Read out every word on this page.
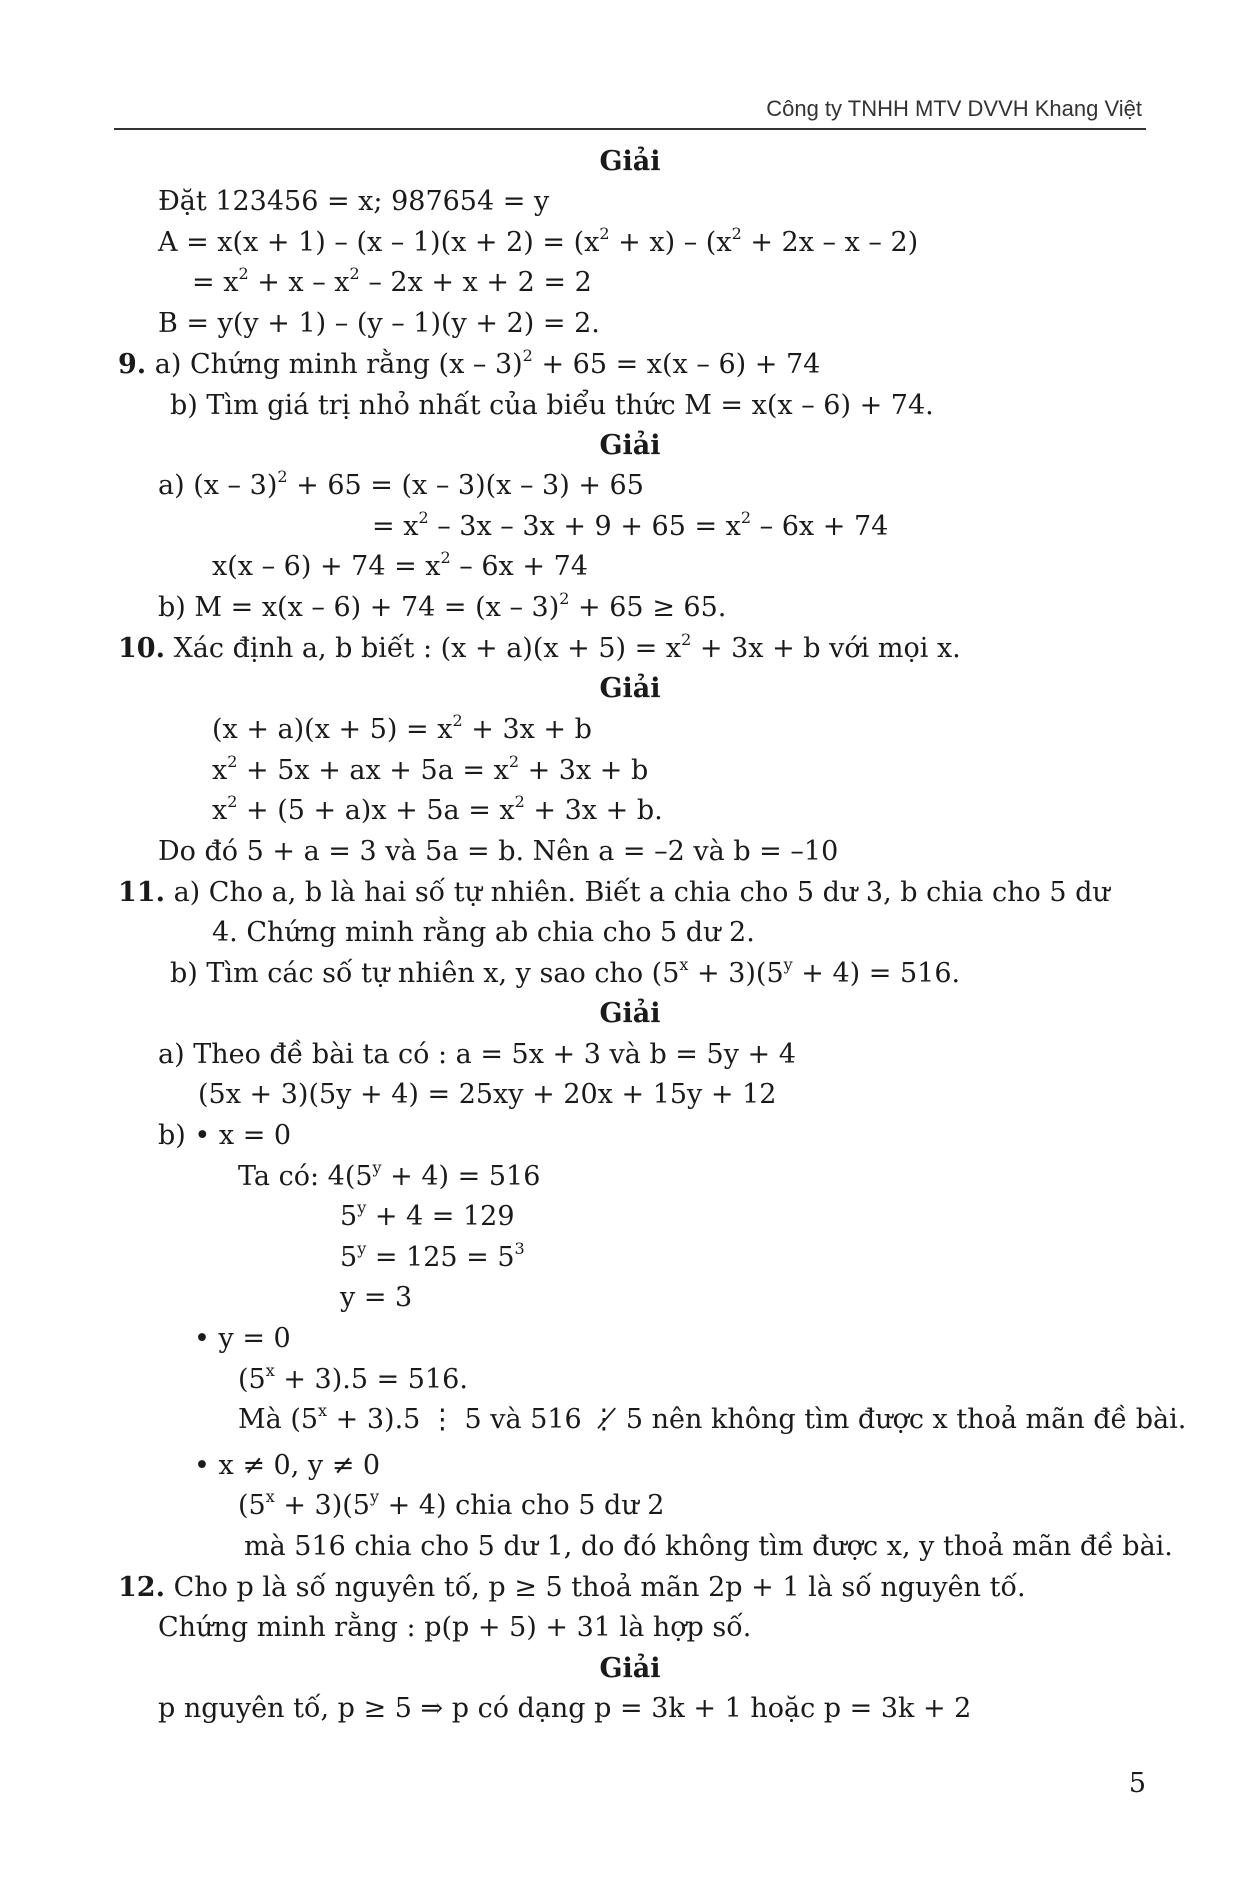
Công ty TNHH MTV DVVH Khang Việt
Giải
Đặt 123456 = x; 987654 = y
$A = x(x + 1) - (x - 1)(x + 2) = (x^2 + x) - (x^2 + 2x - x - 2)$
= $x^2 + x - x^2 - 2x + x + 2 = 2$
B = y(y + 1) – (y – 1)(y + 2) = 2.
9. a) Chứng minh rằng (x – 3)$^2$ + 65 = x(x – 6) + 74
b) Tìm giá trị nhỏ nhất của biểu thức M = x(x – 6) + 74.
Giải
a) (x – 3)$^2$ + 65 = (x – 3)(x – 3) + 65
= $x^2 - 3x - 3x + 9 + 65 = x^2 - 6x + 74$
$x(x - 6) + 74 = x^2 - 6x + 74$
b) M = x(x – 6) + 74 = (x – 3)$^2$ + 65 ≥ 65.
10. Xác định a, b biết : $(x + a)(x + 5) = x^2 + 3x + b$ với mọi x.
Giải
$(x + a)(x + 5) = x^2 + 3x + b$
$x^2 + 5x$ + ax + $5a = x^2 + 3x + b$
$x^2 + (5 + a)x + 5a = x^2 + 3x + b$.
Do đó 5 + a = 3 và 5a = b. Nên a = –2 và b = –10
11. a) Cho a, b là hai số tự nhiên. Biết a chia cho 5 dư 3, b chia cho 5 dư
4. Chứng minh rằng ab chia cho 5 dư 2.
b) Tìm các số tự nhiên x, y sao cho $(5^x + 3)(5^y + 4) = 516$.
Giải
a) Theo đề bài ta có : a = 5x + 3 và b = 5y + 4
(5x + 3)(5y + 4) = 25xy + 20x + 15y + 12
b) • x = 0
Ta có: $4(5^y + 4) = 516$
$5^y + 4 = 129$
$5^y = 125 = 5^3$
y = 3
• y = 0
$(5^x + 3).5 = 516$.
Mà $(5^x + 3).5$ ⋮ 5 và 516 ⋮̸ 5 nên không tìm được x thoả mãn đề bài.
• x ≠ 0, y ≠ 0
$(5^x + 3)(5^y + 4)$ chia cho 5 dư 2
mà 516 chia cho 5 dư 1, do đó không tìm được x, y thoả mãn đề bài.
12. Cho p là số nguyên tố, p ≥ 5 thoả mãn 2p + 1 là số nguyên tố.
Chứng minh rằng : p(p + 5) + 31 là hợp số.
Giải
p nguyên tố, p ≥ 5 ⇒ p có dạng p = 3k + 1 hoặc p = 3k + 2
5
